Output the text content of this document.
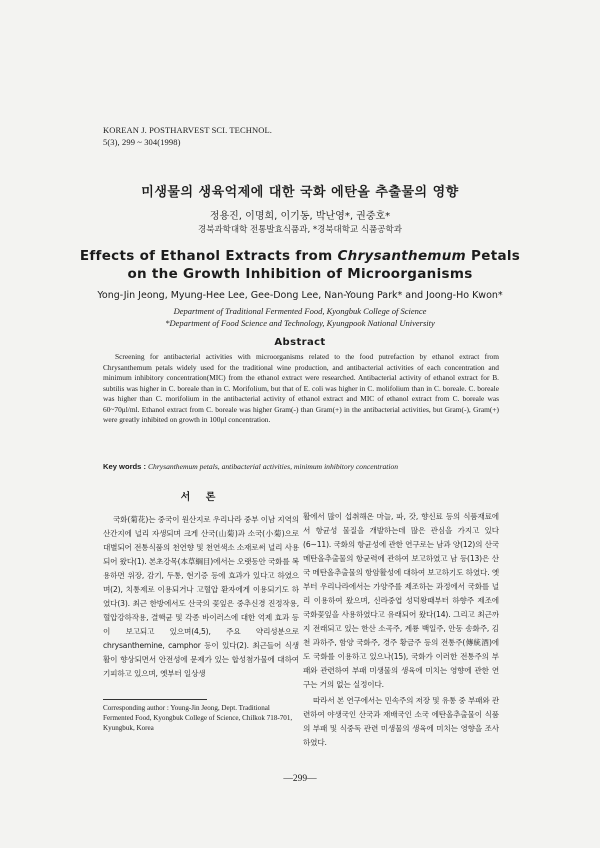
KOREAN J. POSTHARVEST SCI. TECHNOL.
5(3), 299 ~ 304(1998)
미생물의 생육억제에 대한 국화 에탄올 추출물의 영향
정용진, 이명희, 이기동, 박난영*, 권중호*
경북과학대학 전통발효식품과, *경북대학교 식품공학과
Effects of Ethanol Extracts from Chrysanthemum Petals
on the Growth Inhibition of Microorganisms
Yong-Jin Jeong, Myung-Hee Lee, Gee-Dong Lee, Nan-Young Park* and Joong-Ho Kwon*
Department of Traditional Fermented Food, Kyongbuk College of Science
*Department of Food Science and Technology, Kyungpook National University
Abstract
Screening for antibacterial activities with microorganisms related to the food putrefaction by ethanol extract from Chrysanthemum petals widely used for the traditional wine production, and antibacterial activities of each concentration and minimum inhibitory concentration(MIC) from the ethanol extract were researched. Antibacterial activity of ethanol extract for B. subtilis was higher in C. boreale than in C. Morifolium, but that of E. coli was higher in C. molifolium than in C. boreale. C. boreale was higher than C. morifolium in the antibacterial activity of ethanol extract and MIC of ethanol extract from C. boreale was 60~70μl/ml. Ethanol extract from C. boreale was higher Gram(-) than Gram(+) in the antibacterial activities, but Gram(-), Gram(+) were greatly inhibited on growth in 100μl concentration.
Key words : Chrysanthemum petals, antibacterial activities, minimum inhibitory concentration
서 론

국화(菊花)는 중국이 원산지로 우리나라 중부 이남 지역의 산간지에 널리 자생되며 크게 산국(山菊)과 소국(小菊)으로 대별되어 전통식품의 천연향 및 천연색소 소재로써 널리 사용되어 왔다(1). 본초강목(本草綱目)에서는 오랫동안 국화를 복용하면 위장, 감기, 두통, 현기증 등에 효과가 있다고 하였으며(2), 치통제로 이용되거나 고혈압 환자에게 이용되기도 하였다(3). 최근 한방에서도 산국의 꽃잎은 중추신경 진정작용, 혈압강하작용, 결핵균 및 각종 바이러스에 대한 억제 효과 등이 보고되고 있으며(4,5), 주요 약리성분으로 chrysanthemine, camphor 등이 있다(2). 최근들어 식생활이 향상되면서 안전성에 문제가 있는 합성첨가물에 대하여 기피하고 있으며, 옛부터 일상생

활에서 많이 섭취해온 마늘, 파, 갓, 향신료 등의 식품재료에서 항균성 물질을 개발하는데 많은 관심을 가지고 있다(6~11). 국화의 항균성에 관한 연구로는 남과 양(12)의 산국 메탄올추출물의 항균력에 관하여 보고하였고 남 등(13)은 산국 메탄올추출물의 항암활성에 대하여 보고하기도 하였다. 옛부터 우리나라에서는 가양주를 제조하는 과정에서 국화를 널리 이용하여 왔으며, 신라중엽 성덕왕때부터 하향주 제조에 국화꽃잎을 사용하였다고 유래되어 왔다(14). 그리고 최근까지 전래되고 있는 한산 소곡주, 계룡 백일주, 안동 송화주, 김천 과하주, 함양 국화주, 경주 황금주 등의 전통주(傳統酒)에도 국화를 이용하고 있으나(15), 국화가 이러한 전통주의 부패와 관련하여 부패 미생물의 생육에 미치는 영향에 관한 연구는 거의 없는 실정이다.

따라서 본 연구에서는 민속주의 저장 및 유통 중 부패와 관련하여 야생국인 산국과 재배국인 소국 에탄올추출물이 식품의 부패 및 식중독 관련 미생물의 생육에 미치는 영향을 조사하였다.

Corresponding author : Young-Jin Jeong, Dept. Traditional Fermented Food, Kyongbuk College of Science, Chilkok 718-701, Kyungbuk, Korea
—299—
